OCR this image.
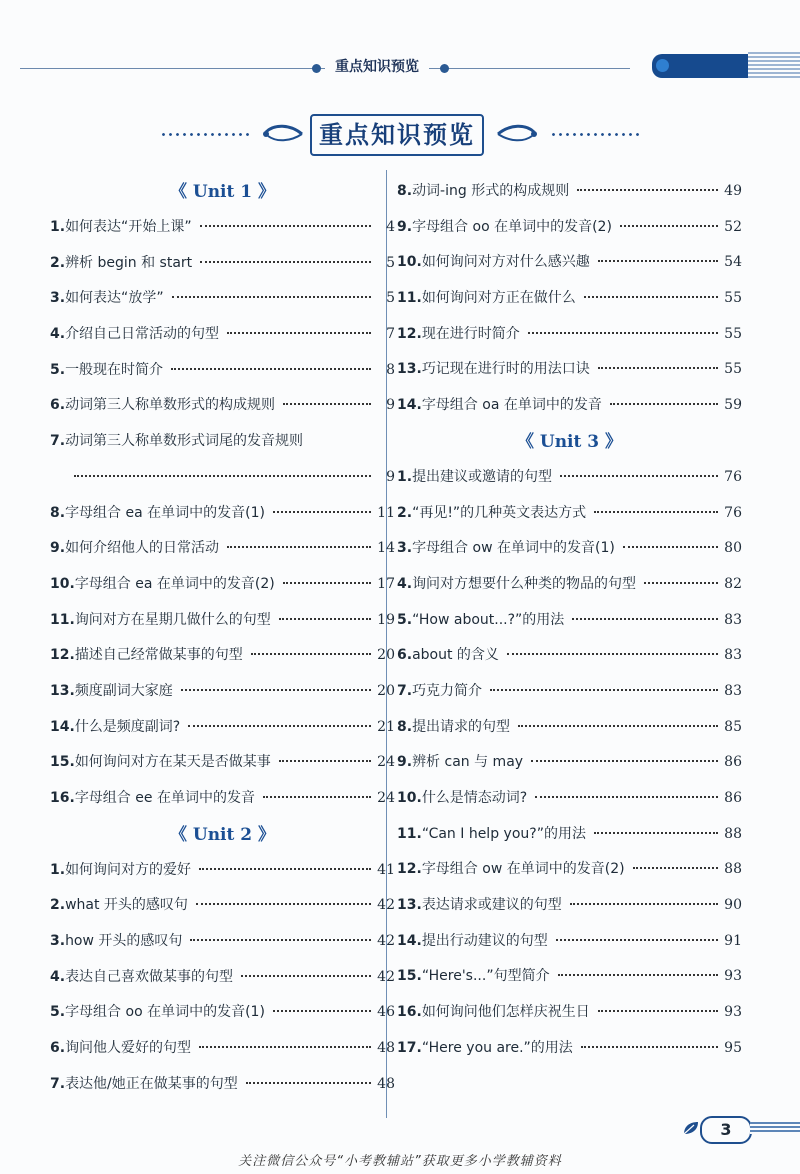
重点知识预览
重点知识预览
《 Unit 1 》
1. 如何表达“开始上课”	4
2. 辨析 begin 和 start	5
3. 如何表达“放学”	5
4. 介绍自己日常活动的句型	7
5. 一般现在时简介	8
6. 动词第三人称单数形式的构成规则	9
7. 动词第三人称单数形式词尾的发音规则
9
8. 字母组合 ea 在单词中的发音(1)	11
9. 如何介绍他人的日常活动	14
10. 字母组合 ea 在单词中的发音(2)	17
11. 询问对方在星期几做什么的句型	19
12. 描述自己经常做某事的句型	20
13. 频度副词大家庭	20
14. 什么是频度副词?	21
15. 如何询问对方在某天是否做某事	24
16. 字母组合 ee 在单词中的发音	24
《 Unit 2 》
1. 如何询问对方的爱好	41
2. what 开头的感叹句	42
3. how 开头的感叹句	42
4. 表达自己喜欢做某事的句型	42
5. 字母组合 oo 在单词中的发音(1)	46
6. 询问他人爱好的句型	48
7. 表达他/她正在做某事的句型	48
8. 动词-ing 形式的构成规则	49
9. 字母组合 oo 在单词中的发音(2)	52
10. 如何询问对方对什么感兴趣	54
11. 如何询问对方正在做什么	55
12. 现在进行时简介	55
13. 巧记现在进行时的用法口诀	55
14. 字母组合 oa 在单词中的发音	59
《 Unit 3 》
1. 提出建议或邀请的句型	76
2. “再见!”的几种英文表达方式	76
3. 字母组合 ow 在单词中的发音(1)	80
4. 询问对方想要什么种类的物品的句型	82
5. “How about...?”的用法	83
6. about 的含义	83
7. 巧克力简介	83
8. 提出请求的句型	85
9. 辨析 can 与 may	86
10. 什么是情态动词?	86
11. “Can I help you?”的用法	88
12. 字母组合 ow 在单词中的发音(2)	88
13. 表达请求或建议的句型	90
14. 提出行动建议的句型	91
15. “Here's...”句型简介	93
16. 如何询问他们怎样庆祝生日	93
17. “Here you are.”的用法	95
3
关注微信公众号“小考教辅站”获取更多小学教辅资料
